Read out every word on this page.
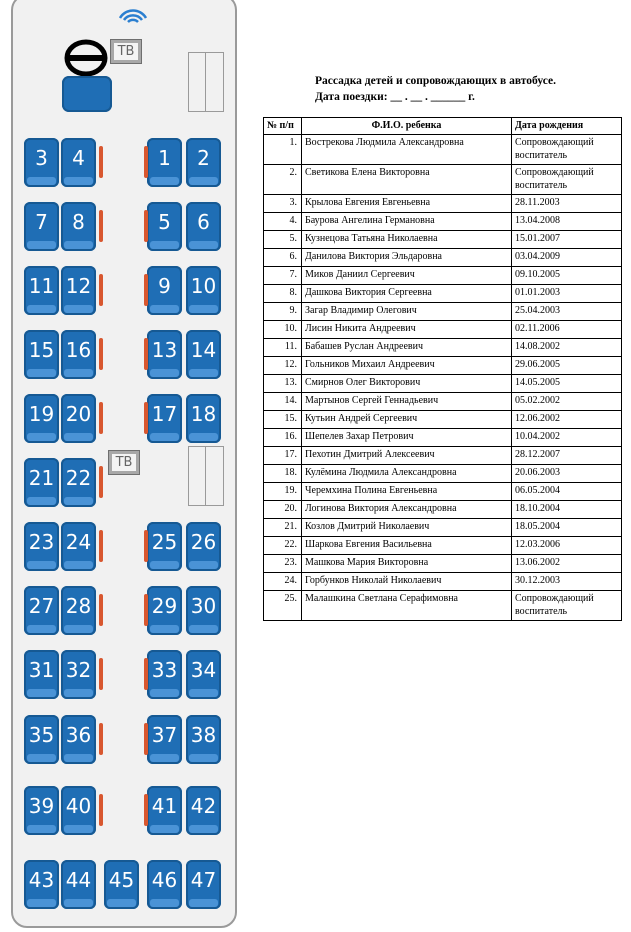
ТВ
ТВ
3	4	1	2
7	8	5	6
11 12	9 10
15 16	13 14
19 20	17 18
21 22
23 24	25 26
27 28	29 30
31 32	33 34
35 36	37 38
39 40	41 42
43 44 45 46 47
Рассадка детей и сопровождающих в автобусе.
Дата поездки: __ . __ . ______ г.
№ п/п	Ф.И.О. ребенка	Дата рождения
1.	Вострекова Людмила Александровна	Сопровождающий воспитатель
2.	Светикова Елена Викторовна	Сопровождающий воспитатель
3.	Крылова Евгения Евгеньевна	28.11.2003
4.	Баурова Ангелина Германовна	13.04.2008
5.	Кузнецова Татьяна Николаевна	15.01.2007
6.	Данилова Виктория Эльдаровна	03.04.2009
7.	Миков Даниил Сергеевич	09.10.2005
8.	Дашкова Виктория Сергеевна	01.01.2003
9.	Загар Владимир Олегович	25.04.2003
10.	Лисин Никита Андреевич	02.11.2006
11.	Бабашев Руслан Андреевич	14.08.2002
12.	Гольников Михаил Андреевич	29.06.2005
13.	Смирнов Олег Викторович	14.05.2005
14.	Мартынов Сергей Геннадьевич	05.02.2002
15.	Кутьин Андрей Сергеевич	12.06.2002
16.	Шепелев Захар Петрович	10.04.2002
17.	Пехотин Дмитрий Алексеевич	28.12.2007
18.	Кулёмина Людмила Александровна	20.06.2003
19.	Черемхина Полина Евгеньевна	06.05.2004
20.	Логинова Виктория Александровна	18.10.2004
21.	Козлов Дмитрий Николаевич	18.05.2004
22.	Шаркова Евгения Васильевна	12.03.2006
23.	Машкова Мария Викторовна	13.06.2002
24.	Горбунков Николай Николаевич	30.12.2003
25.	Малашкина Светлана Серафимовна	Сопровождающий воспитатель
